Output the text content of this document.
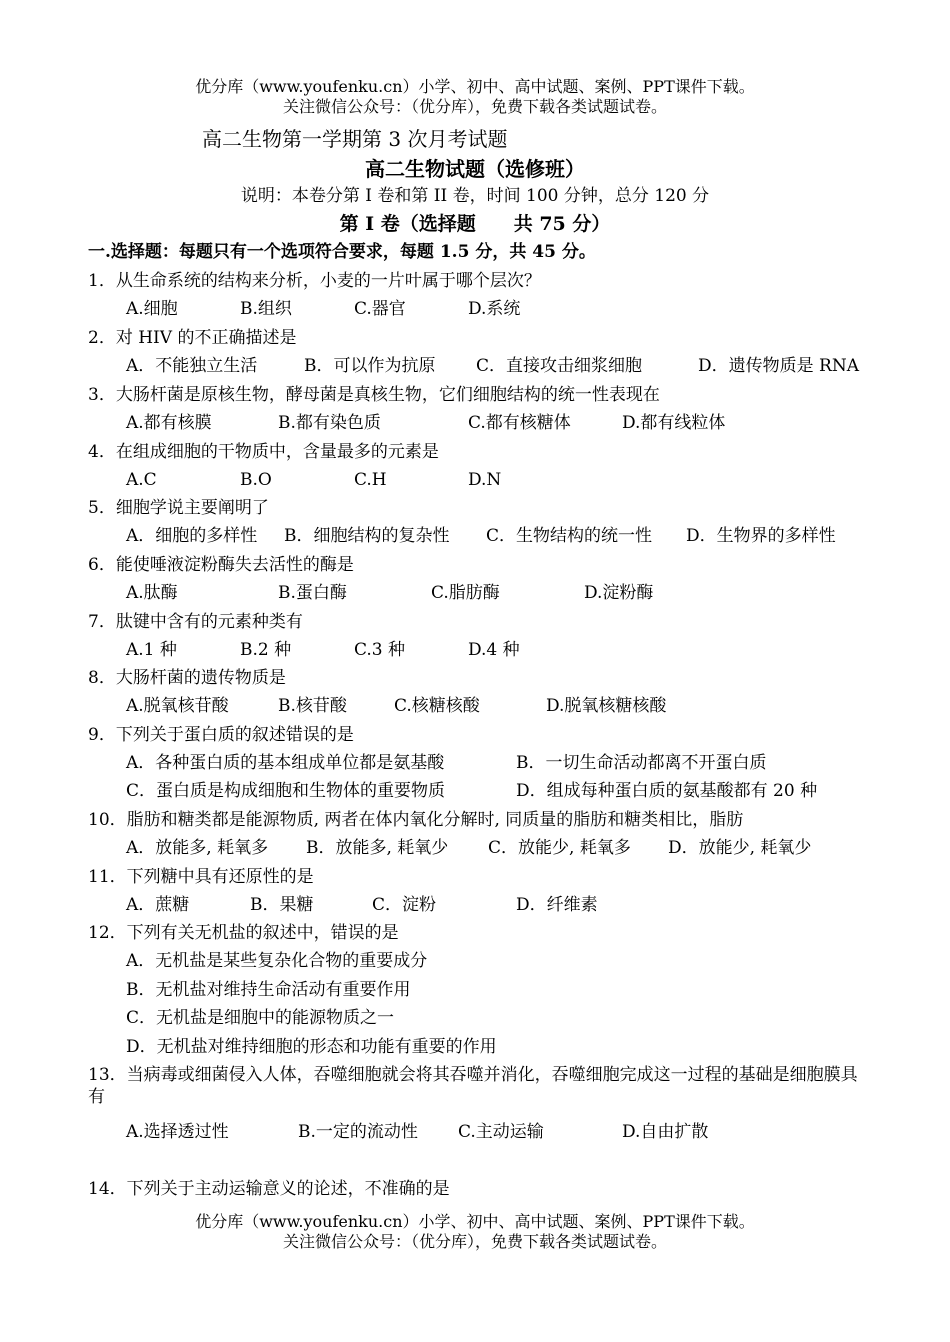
优分库（www.youfenku.cn）小学、初中、高中试题、案例、PPT课件下载。
关注微信公众号：（优分库），免费下载各类试题试卷。
高二生物第一学期第 3 次月考试题
高二生物试题（选修班）
说明：本卷分第 I 卷和第 II 卷，时间 100 分钟，总分 120 分
第 I 卷（选择题　　共 75 分）
一.选择题：每题只有一个选项符合要求，每题 1.5 分，共 45 分。
1．从生命系统的结构来分析，小麦的一片叶属于哪个层次？
A.细胞	B.组织	C.器官	D.系统
2．对 HIV 的不正确描述是
A．不能独立生活	B．可以作为抗原 C．直接攻击细浆细胞	D．遗传物质是 RNA
3．大肠杆菌是原核生物，酵母菌是真核生物，它们细胞结构的统一性表现在
A.都有核膜	B.都有染色质	C.都有核糖体	D.都有线粒体
4．在组成细胞的干物质中，含量最多的元素是
A.C	B.O	C.H	D.N
5．细胞学说主要阐明了
A．细胞的多样性 B．细胞结构的复杂性 C．生物结构的统一性 D．生物界的多样性
6．能使唾液淀粉酶失去活性的酶是
A.肽酶	B.蛋白酶	C.脂肪酶	D.淀粉酶
7．肽键中含有的元素种类有
A.1 种	B.2 种	C.3 种	D.4 种
8．大肠杆菌的遗传物质是
A.脱氧核苷酸	B.核苷酸	C.核糖核酸	D.脱氧核糖核酸
9．下列关于蛋白质的叙述错误的是
A．各种蛋白质的基本组成单位都是氨基酸	B．一切生命活动都离不开蛋白质
C．蛋白质是构成细胞和生物体的重要物质	D．组成每种蛋白质的氨基酸都有 20 种
10．脂肪和糖类都是能源物质, 两者在体内氧化分解时, 同质量的脂肪和糖类相比，脂肪
A．放能多, 耗氧多 B．放能多, 耗氧少 C．放能少, 耗氧多 D．放能少, 耗氧少
11．下列糖中具有还原性的是
A．蔗糖	B．果糖	C．淀粉	D．纤维素
12．下列有关无机盐的叙述中，错误的是
A．无机盐是某些复杂化合物的重要成分
B．无机盐对维持生命活动有重要作用
C．无机盐是细胞中的能源物质之一
D．无机盐对维持细胞的形态和功能有重要的作用
13．当病毒或细菌侵入人体，吞噬细胞就会将其吞噬并消化，吞噬细胞完成这一过程的基础是细胞膜具有
A.选择透过性	B.一定的流动性 C.主动运输	D.自由扩散
14．下列关于主动运输意义的论述，不准确的是
优分库（www.youfenku.cn）小学、初中、高中试题、案例、PPT课件下载。
关注微信公众号：（优分库），免费下载各类试题试卷。
